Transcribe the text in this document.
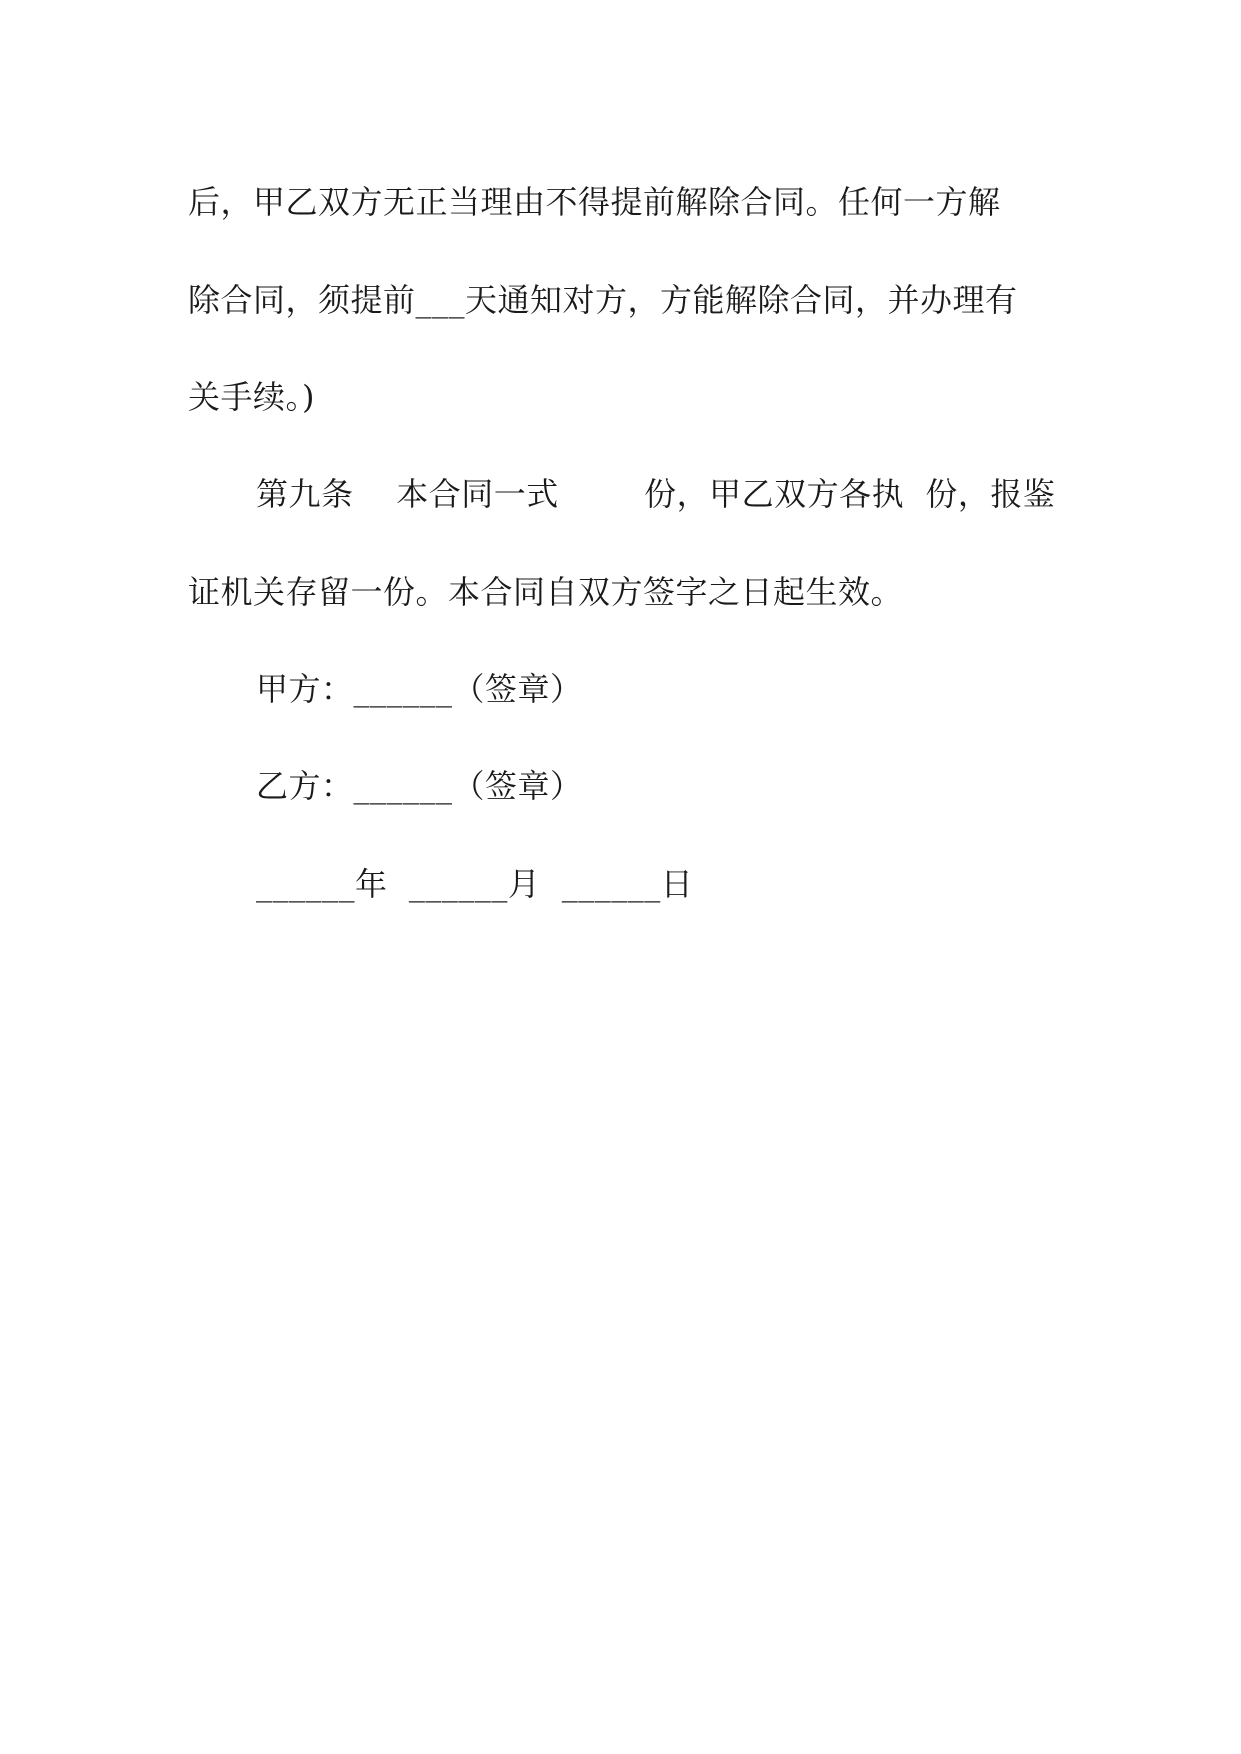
后，甲乙双方无正当理由不得提前解除合同。任何一方解
除合同，须提前___天通知对方，方能解除合同，并办理有
关手续。)
第九条    本合同一式        份，甲乙双方各执  份，报鉴
证机关存留一份。本合同自双方签字之日起生效。
甲方：______（签章）
乙方：______（签章）
______年  ______月  ______日
